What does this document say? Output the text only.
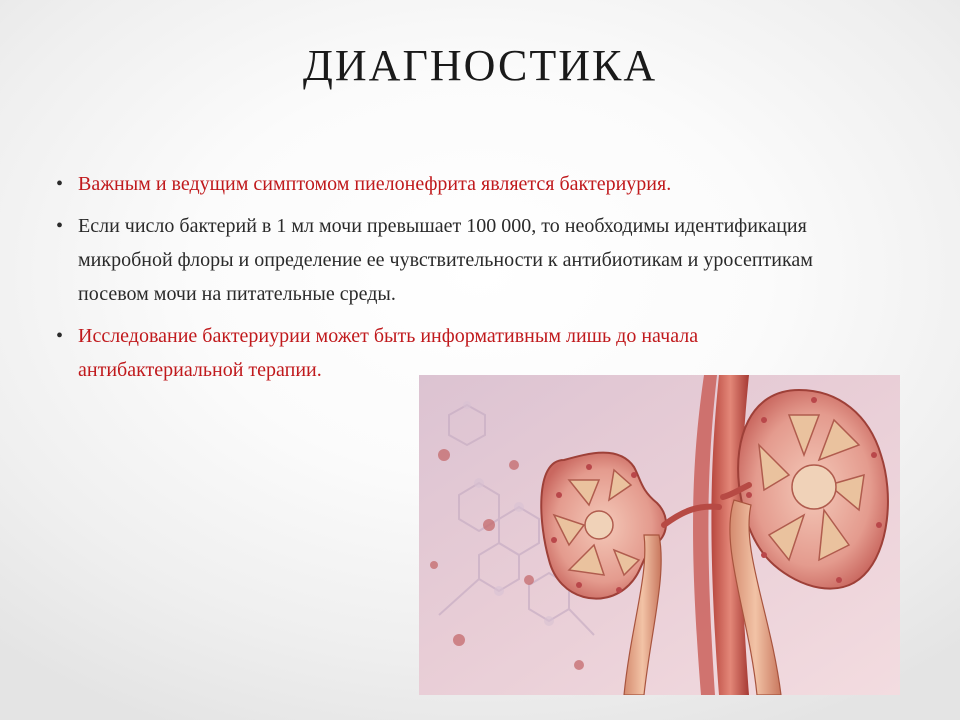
ДИАГНОСТИКА
• Важным и ведущим симптомом пиелонефрита является бактериурия.
• Если число бактерий в 1 мл мочи превышает 100 000, то необходимы идентификация микробной флоры и определение ее чувствительности к антибиотикам и уросептикам посевом мочи на питательные среды.
• Исследование бактериурии может быть информативным лишь до начала антибактериальной терапии.
